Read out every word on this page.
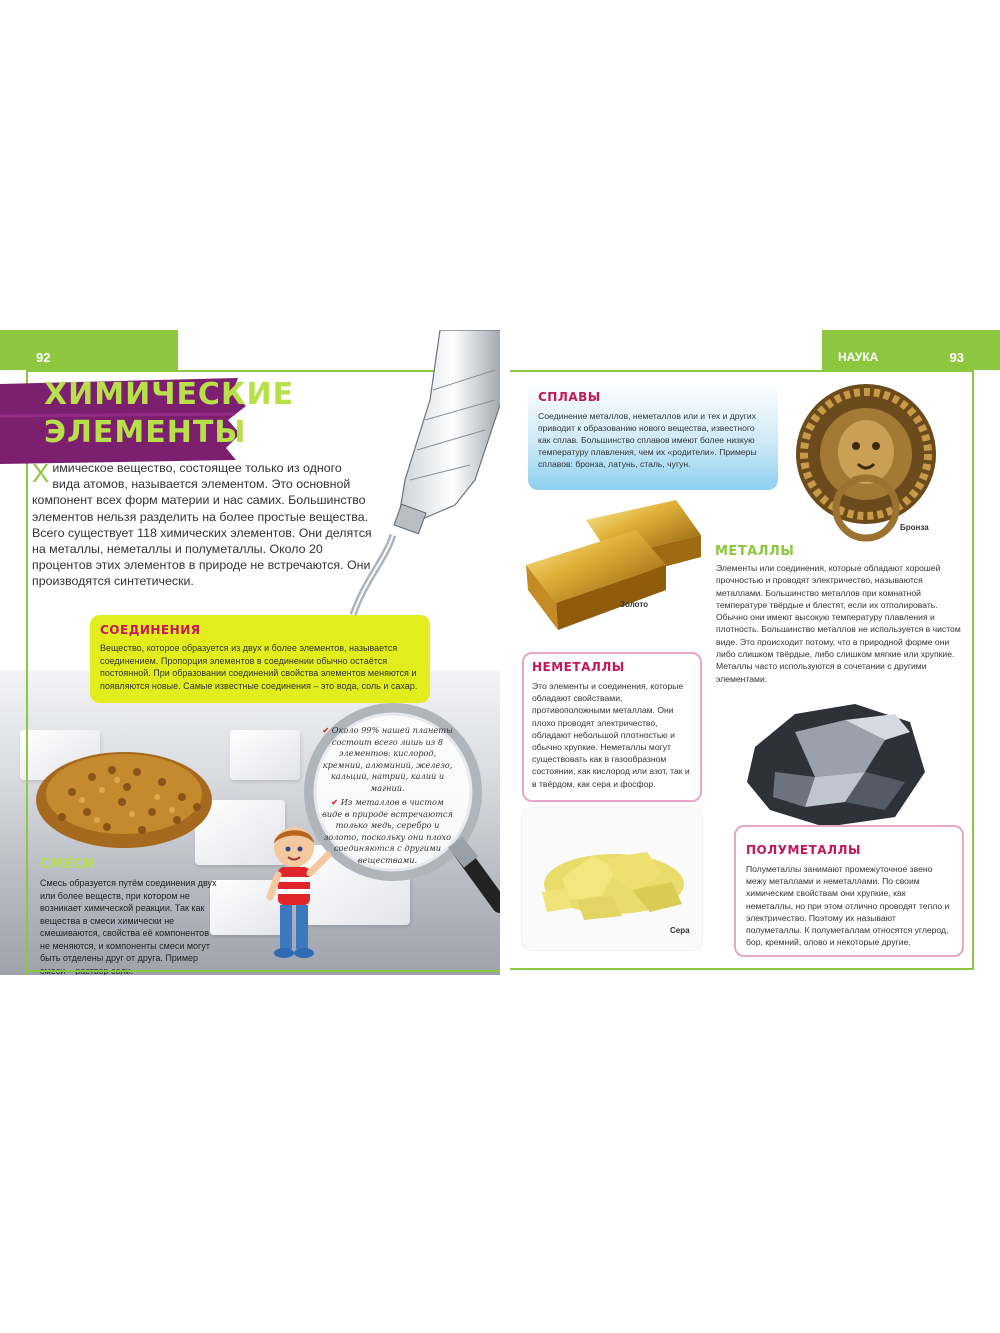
92
ХИМИЧЕСКИЕ
ЭЛЕМЕНТЫ
Химическое вещество, состоящее только из одного вида атомов, называется элементом. Это основной компонент всех форм материи и нас самих. Большинство элементов нельзя разделить на более простые вещества. Всего существует 118 химических элементов. Они делятся на металлы, неметаллы и полуметаллы. Около 20 процентов этих элементов в природе не встречаются. Они производятся синтетически.
СОЕДИНЕНИЯ

Вещество, которое образуется из двух и более элементов, называется соединением. Пропорция элементов в соединении обычно остаётся постоянной. При образовании соединений свойства элементов меняются и появляются новые. Самые известные соединения – это вода, соль и сахар.

СМЕСИ
Смесь образуется путём соединения двух или более веществ, при котором не возникает химической реакции. Так как вещества в смеси химически не смешиваются, свойства её компонентов не меняются, и компоненты смеси могут быть отделены друг от друга. Пример смеси – раствор соли.

✔ Около 99% нашей планеты состоит всего лишь из 8 элементов: кислород, кремний, алюминий, железо, кальций, натрий, калий и магний.

✔ Из металлов в чистом виде в природе встречаются только медь, серебро и золото, поскольку они плохо соединяются с другими веществами.

НАУКА	93
СПЛАВЫ

Соединение металлов, неметаллов или и тех и других приводит к образованию нового вещества, известного как сплав. Большинство сплавов имеют более низкую температуру плавления, чем их «родители». Примеры сплавов: бронза, латунь, сталь, чугун.

Золото
Бронза
МЕТАЛЛЫ
Элементы или соединения, которые обладают хорошей прочностью и проводят электричество, называются металлами. Большинство металлов при комнатной температуре твёрдые и блестят, если их отполировать. Обычно они имеют высокую температуру плавления и плотность. Большинство металлов не используется в чистом виде. Это происходит потому, что в природной форме они либо слишком твёрдые, либо слишком мягкие или хрупкие. Металлы часто используются в сочетании с другими элементами.
НЕМЕТАЛЛЫ

Это элементы и соединения, которые обладают свойствами, противоположными металлам. Они плохо проводят электричество, обладают небольшой плотностью и обычно хрупкие. Неметаллы могут существовать как в газообразном состоянии, как кислород или азот, так и в твёрдом, как сера и фосфор.

Сера
ПОЛУМЕТАЛЛЫ

Полуметаллы занимают промежуточное звено межу металлами и неметаллами. По своим химическим свойствам они хрупкие, как неметаллы, но при этом отлично проводят тепло и электричество. Поэтому их называют полуметаллы. К полуметаллам относятся углерод, бор, кремний, олово и некоторые другие.
